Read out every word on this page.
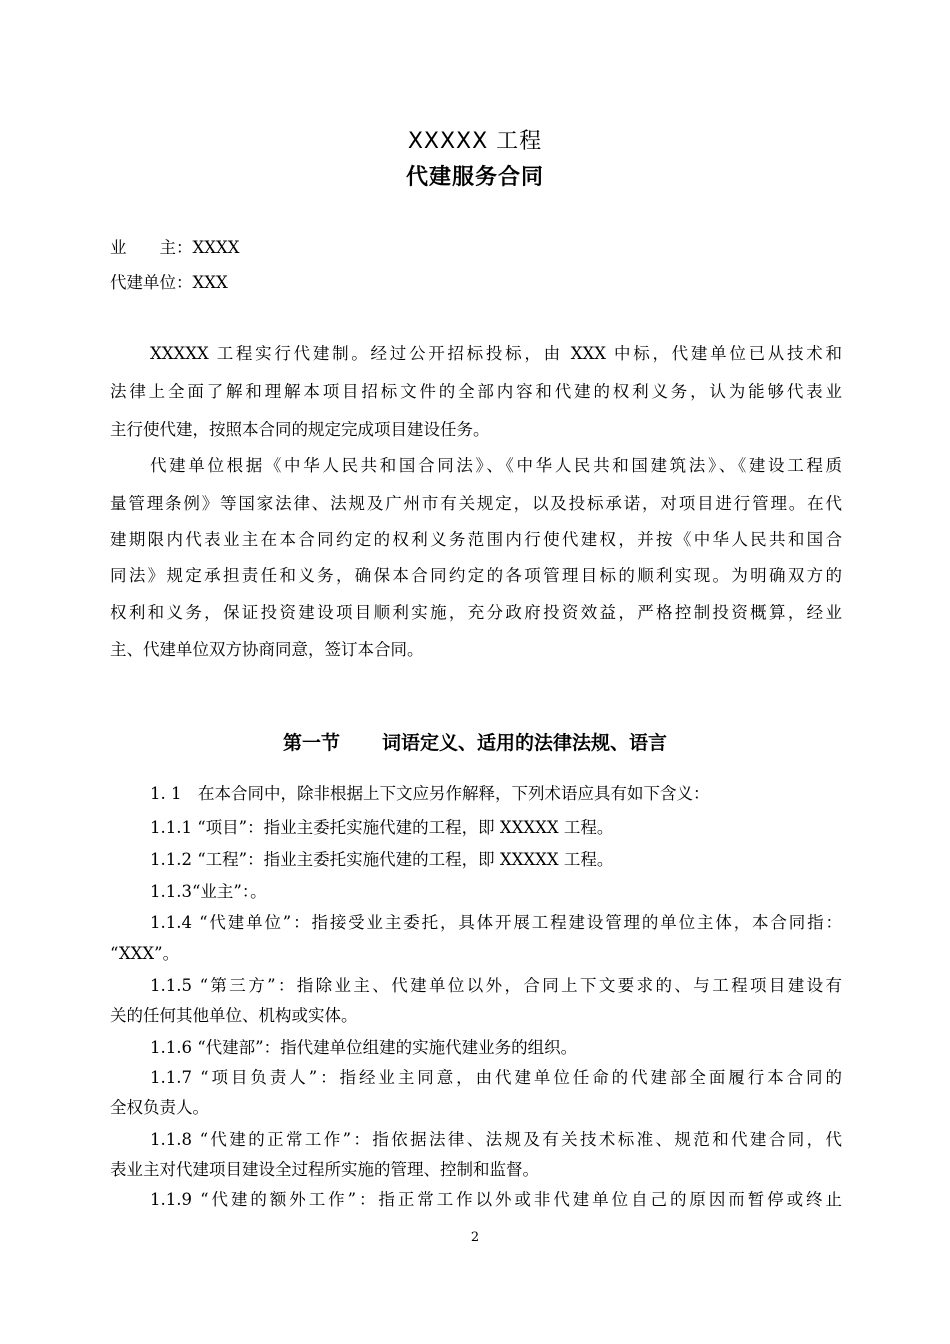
XXXXX 工程
代建服务合同
业　　主：XXXX
代建单位：XXX
XXXXX 工程实行代建制。经过公开招标投标，由 XXX 中标，代建单位已从技术和
法律上全面了解和理解本项目招标文件的全部内容和代建的权利义务，认为能够代表业
主行使代建，按照本合同的规定完成项目建设任务。
代建单位根据《中华人民共和国合同法》、《中华人民共和国建筑法》、《建设工程质
量管理条例》等国家法律、法规及广州市有关规定，以及投标承诺，对项目进行管理。在代
建期限内代表业主在本合同约定的权利义务范围内行使代建权，并按《中华人民共和国合
同法》规定承担责任和义务，确保本合同约定的各项管理目标的顺利实现。为明确双方的
权利和义务，保证投资建设项目顺利实施，充分政府投资效益，严格控制投资概算，经业
主、代建单位双方协商同意，签订本合同。
第一节 词语定义、适用的法律法规、语言
1. 1　在本合同中，除非根据上下文应另作解释，下列术语应具有如下含义：
1.1.1 “项目”：指业主委托实施代建的工程，即 XXXXX 工程。
1.1.2 “工程”：指业主委托实施代建的工程，即 XXXXX 工程。
1.1.3“业主”：。
1.1.4 “代建单位”：指接受业主委托，具体开展工程建设管理的单位主体，本合同指：
“XXX”。
1.1.5 “第三方”：指除业主、代建单位以外，合同上下文要求的、与工程项目建设有
关的任何其他单位、机构或实体。
1.1.6 “代建部”：指代建单位组建的实施代建业务的组织。
1.1.7 “项目负责人”：指经业主同意，由代建单位任命的代建部全面履行本合同的
全权负责人。
1.1.8 “代建的正常工作”：指依据法律、法规及有关技术标准、规范和代建合同，代
表业主对代建项目建设全过程所实施的管理、控制和监督。
1.1.9 “代建的额外工作”：指正常工作以外或非代建单位自己的原因而暂停或终止
2
